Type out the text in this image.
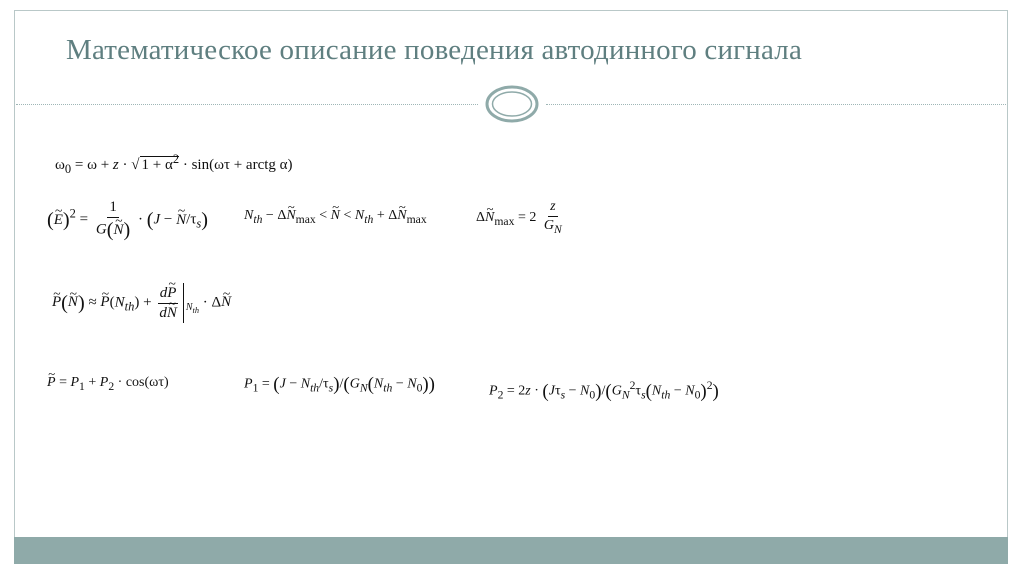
Математическое описание поведения автодинного сигнала
$\omega_0 = \omega + z$ · √ $1 + \alpha^2 \cdot \sin(\omega\tau$ + arctg α)
(~ $E)^2 = \frac{1}{G(\sim N)} \cdot (J$ − ~ $N/\tau_s$)	$N_{th}$ − Δ~ $N_{max}$ < ~ $N < N_{th}$ + Δ~ $N_{max}$	Δ~ $N_{max} = 2 \frac{z}{G_N}$
~ P(~ N) ≈ ~ $P(N_{th}) + \frac{d\sim P}{d\sim N} _{N_{th}}$ · Δ~ N
~ $P = P_1 + P_2 \cdot \cos(\omega\tau)$	$P_1 = (J - N_{th}/\tau_s)/(G_N(N_{th} - N_0))$	$P_2 = 2z \cdot (J\tau_s - N_0)/(G_N^2\tau_s(N_{th} - N_0)^2)$
